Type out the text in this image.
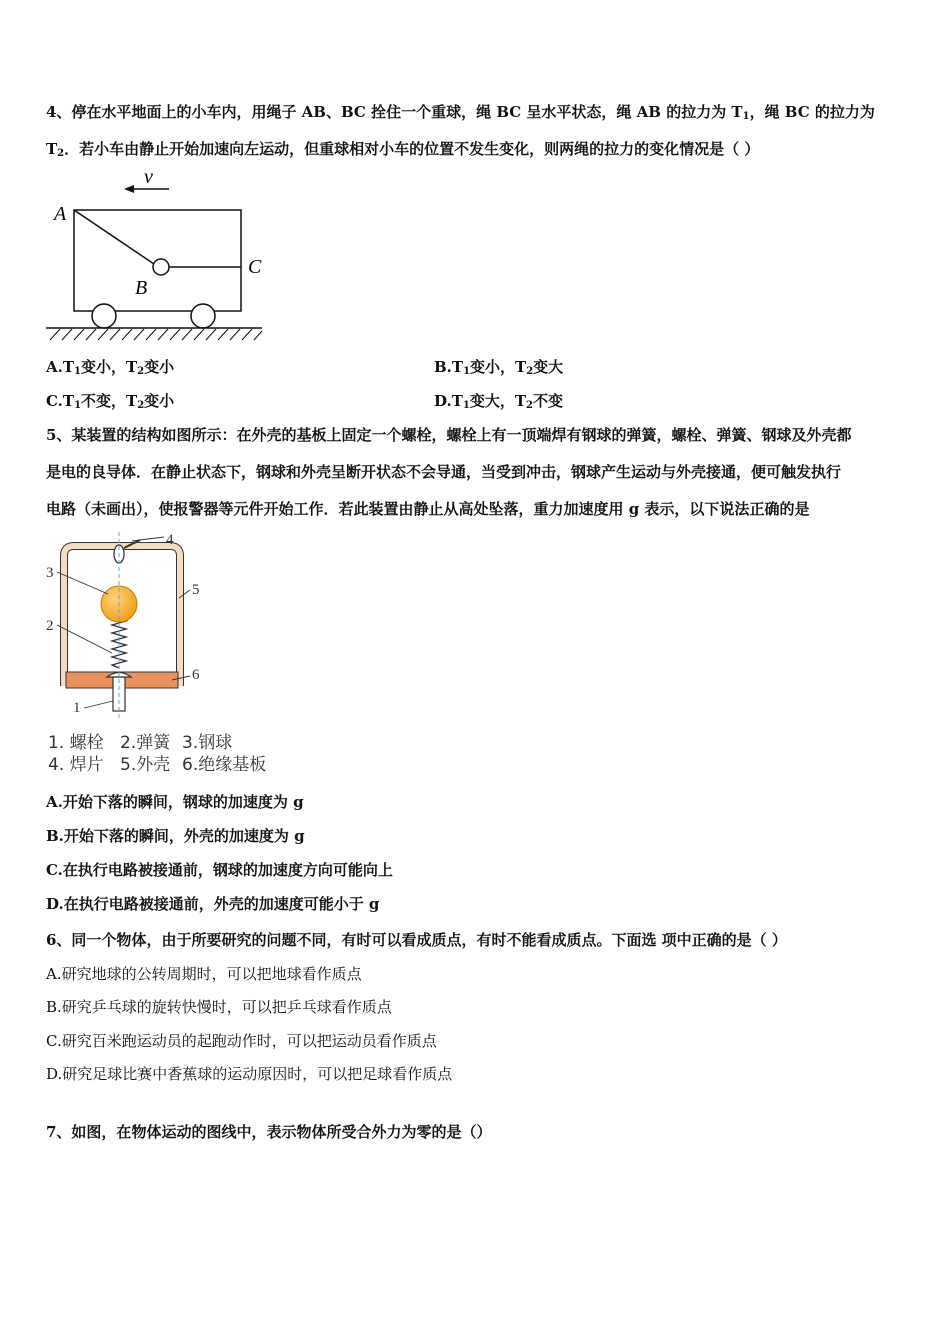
4、停在水平地面上的小车内，用绳子 AB、BC 拴住一个重球，绳 BC 呈水平状态，绳 AB 的拉力为 $T_1$，绳 BC 的拉力为
$T_2$．若小车由静止开始加速向左运动，但重球相对小车的位置不发生变化，则两绳的拉力的变化情况是（ ）
v
A
B
C
$A.T_1$变小，$T_2$变小	$B.T_1$变小，$T_2$变大
$C.T_1$不变，$T_2$变小	$D.T_1$变大，$T_2$不变
5、某装置的结构如图所示：在外壳的基板上固定一个螺栓，螺栓上有一顶端焊有钢球的弹簧，螺栓、弹簧、钢球及外壳都
是电的良导体．在静止状态下，钢球和外壳呈断开状态不会导通，当受到冲击，钢球产生运动与外壳接通，便可触发执行
电路（未画出），使报警器等元件开始工作．若此装置由静止从高处坠落，重力加速度用 g 表示，以下说法正确的是
4
3
5
2
6
1
1. 螺栓 2.弹簧 3.钢球
4. 焊片 5.外壳 6.绝缘基板
A.开始下落的瞬间，钢球的加速度为 g
B.开始下落的瞬间，外壳的加速度为 g
C.在执行电路被接通前，钢球的加速度方向可能向上
D.在执行电路被接通前，外壳的加速度可能小于 g
6、同一个物体，由于所要研究的问题不同，有时可以看成质点，有时不能看成质点。下面选 项中正确的是（ ）
A.研究地球的公转周期时，可以把地球看作质点
B.研究乒乓球的旋转快慢时，可以把乒乓球看作质点
C.研究百米跑运动员的起跑动作时，可以把运动员看作质点
D.研究足球比赛中香蕉球的运动原因时，可以把足球看作质点
7、如图，在物体运动的图线中，表示物体所受合外力为零的是（）
